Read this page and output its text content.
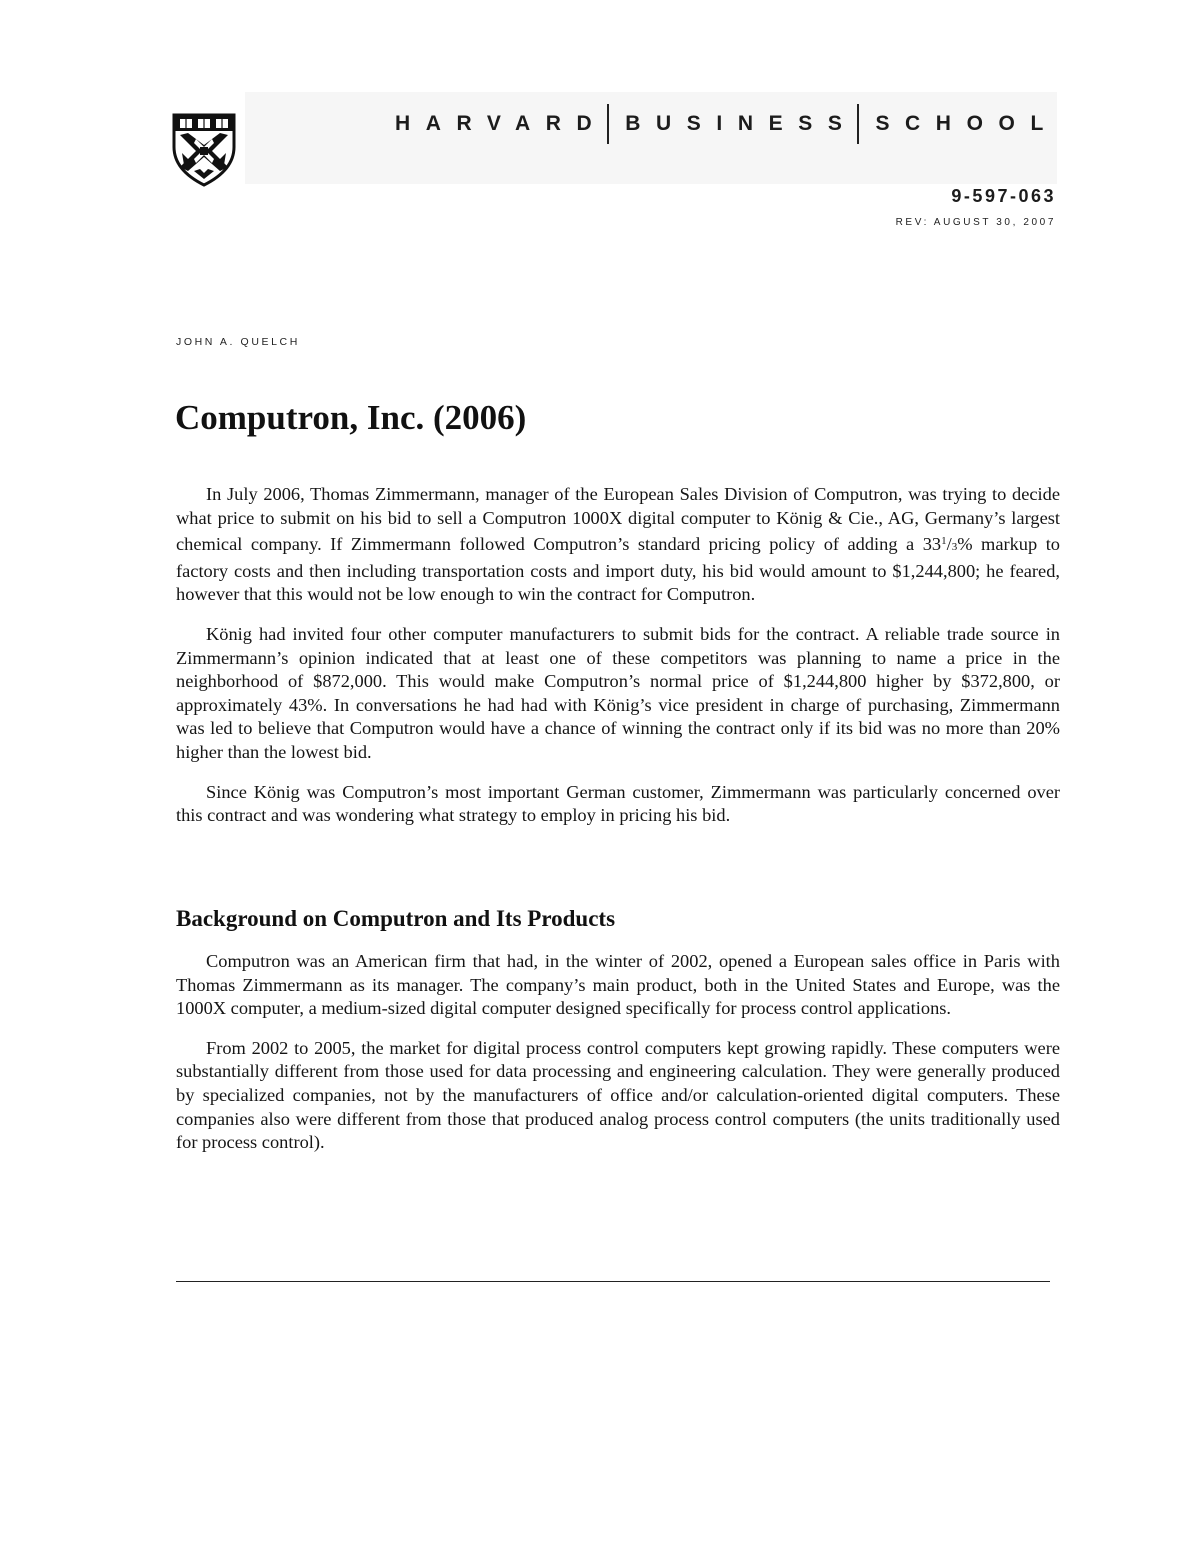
HARVARD BUSINESS SCHOOL
9-597-063
REV: AUGUST 30, 2007
JOHN A. QUELCH
Computron, Inc. (2006)

In July 2006, Thomas Zimmermann, manager of the European Sales Division of Computron, was trying to decide what price to submit on his bid to sell a Computron 1000X digital computer to König & Cie., AG, Germany’s largest chemical company. If Zimmermann followed Computron’s standard pricing policy of adding a $33^1/3\%$ markup to factory costs and then including transportation costs and import duty, his bid would amount to $1,244,800; he feared, however that this would not be low enough to win the contract for Computron.

König had invited four other computer manufacturers to submit bids for the contract. A reliable trade source in Zimmermann’s opinion indicated that at least one of these competitors was planning to name a price in the neighborhood of $872,000. This would make Computron’s normal price of $1,244,800 higher by $372,800, or approximately 43%. In conversations he had had with König’s vice president in charge of purchasing, Zimmermann was led to believe that Computron would have a chance of winning the contract only if its bid was no more than 20% higher than the lowest bid.

Since König was Computron’s most important German customer, Zimmermann was particularly concerned over this contract and was wondering what strategy to employ in pricing his bid.

Background on Computron and Its Products

Computron was an American firm that had, in the winter of 2002, opened a European sales office in Paris with Thomas Zimmermann as its manager. The company’s main product, both in the United States and Europe, was the 1000X computer, a medium-sized digital computer designed specifically for process control applications.

From 2002 to 2005, the market for digital process control computers kept growing rapidly. These computers were substantially different from those used for data processing and engineering calculation. They were generally produced by specialized companies, not by the manufacturers of office and/or calculation-oriented digital computers. These companies also were different from those that produced analog process control computers (the units traditionally used for process control).
